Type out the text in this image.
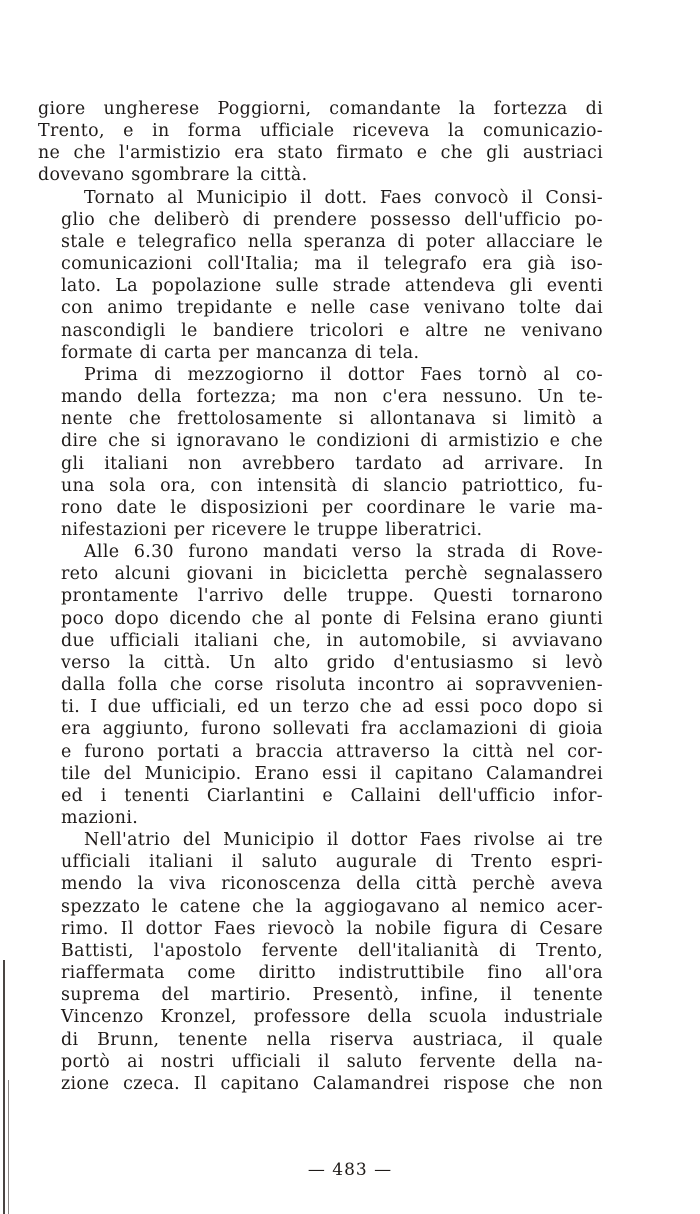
giore ungherese Poggiorni, comandante la fortezza di
Trento, e in forma ufficiale riceveva la comunicazio-
ne che l'armistizio era stato firmato e che gli austriaci
dovevano sgombrare la città.
Tornato al Municipio il dott. Faes convocò il Consi-
glio che deliberò di prendere possesso dell'ufficio po-
stale e telegrafico nella speranza di poter allacciare le
comunicazioni coll'Italia; ma il telegrafo era già iso-
lato. La popolazione sulle strade attendeva gli eventi
con animo trepidante e nelle case venivano tolte dai
nascondigli le bandiere tricolori e altre ne venivano
formate di carta per mancanza di tela.
Prima di mezzogiorno il dottor Faes tornò al co-
mando della fortezza; ma non c'era nessuno. Un te-
nente che frettolosamente si allontanava si limitò a
dire che si ignoravano le condizioni di armistizio e che
gli italiani non avrebbero tardato ad arrivare. In
una sola ora, con intensità di slancio patriottico, fu-
rono date le disposizioni per coordinare le varie ma-
nifestazioni per ricevere le truppe liberatrici.
Alle 6.30 furono mandati verso la strada di Rove-
reto alcuni giovani in bicicletta perchè segnalassero
prontamente l'arrivo delle truppe. Questi tornarono
poco dopo dicendo che al ponte di Felsina erano giunti
due ufficiali italiani che, in automobile, si avviavano
verso la città. Un alto grido d'entusiasmo si levò
dalla folla che corse risoluta incontro ai sopravvenien-
ti. I due ufficiali, ed un terzo che ad essi poco dopo si
era aggiunto, furono sollevati fra acclamazioni di gioia
e furono portati a braccia attraverso la città nel cor-
tile del Municipio. Erano essi il capitano Calamandrei
ed i tenenti Ciarlantini e Callaini dell'ufficio infor-
mazioni.
Nell'atrio del Municipio il dottor Faes rivolse ai tre
ufficiali italiani il saluto augurale di Trento espri-
mendo la viva riconoscenza della città perchè aveva
spezzato le catene che la aggiogavano al nemico acer-
rimo. Il dottor Faes rievocò la nobile figura di Cesare
Battisti, l'apostolo fervente dell'italianità di Trento,
riaffermata come diritto indistruttibile fino all'ora
suprema del martirio. Presentò, infine, il tenente
Vincenzo Kronzel, professore della scuola industriale
di Brunn, tenente nella riserva austriaca, il quale
portò ai nostri ufficiali il saluto fervente della na-
zione czeca. Il capitano Calamandrei rispose che non
— 483 —
